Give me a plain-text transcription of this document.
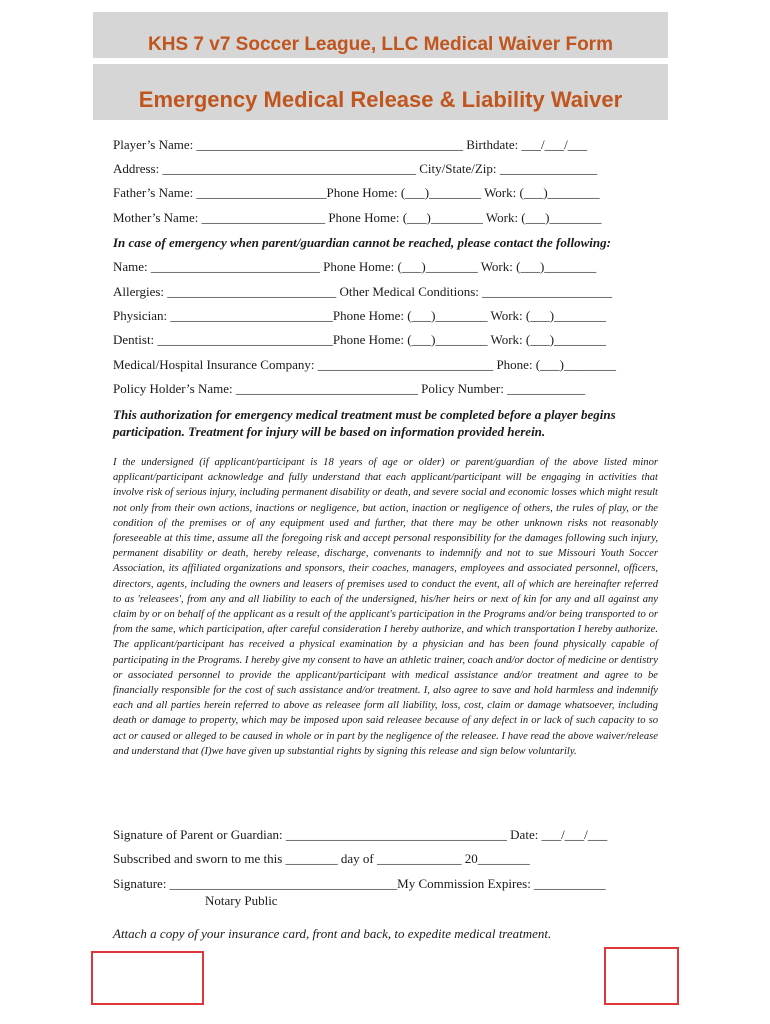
KHS 7 v7 Soccer League, LLC Medical Waiver Form
Emergency Medical Release & Liability Waiver
Player’s Name: _________________________________________ Birthdate: ___/___/___
Address: _______________________________________ City/State/Zip: _______________
Father’s Name: ____________________Phone Home: (___)________ Work: (___)________
Mother’s Name: ___________________ Phone Home: (___)________ Work: (___)________
In case of emergency when parent/guardian cannot be reached, please contact the following:
Name: __________________________ Phone Home: (___)________ Work: (___)________
Allergies: __________________________ Other Medical Conditions: ____________________
Physician: _________________________Phone Home: (___)________ Work: (___)________
Dentist: ___________________________Phone Home: (___)________ Work: (___)________
Medical/Hospital Insurance Company: ___________________________ Phone: (___)________
Policy Holder’s Name: ____________________________ Policy Number: ____________
This authorization for emergency medical treatment must be completed before a player begins participation. Treatment for injury will be based on information provided herein.
I the undersigned (if applicant/participant is 18 years of age or older) or parent/guardian of the above listed minor applicant/participant acknowledge and fully understand that each applicant/participant will be engaging in activities that involve risk of serious injury, including permanent disability or death, and severe social and economic losses which might result not only from their own actions, inactions or negligence, but action, inaction or negligence of others, the rules of play, or the condition of the premises or of any equipment used and further, that there may be other unknown risks not reasonably foreseeable at this time, assume all the foregoing risk and accept personal responsibility for the damages following such injury, permanent disability or death, hereby release, discharge, convenants to indemnify and not to sue Missouri Youth Soccer Association, its affiliated organizations and sponsors, their coaches, managers, employees and associated personnel, officers, directors, agents, including the owners and leasers of premises used to conduct the event, all of which are hereinafter referred to as 'releasees', from any and all liability to each of the undersigned, his/her heirs or next of kin for any and all against any claim by or on behalf of the applicant as a result of the applicant's participation in the Programs and/or being transported to or from the same, which participation, after careful consideration I hereby authorize, and which transportation I hereby authorize. The applicant/participant has received a physical examination by a physician and has been found physically capable of participating in the Programs. I hereby give my consent to have an athletic trainer, coach and/or doctor of medicine or dentistry or associated personnel to provide the applicant/participant with medical assistance and/or treatment and agree to be financially responsible for the cost of such assistance and/or treatment. I, also agree to save and hold harmless and indemnify each and all parties herein referred to above as releasee form all liability, loss, cost, claim or damage whatsoever, including death or damage to property, which may be imposed upon said releasee because of any defect in or lack of such capacity to so act or caused or alleged to be caused in whole or in part by the negligence of the releasee. I have read the above waiver/release and understand that (I)we have given up substantial rights by signing this release and sign below voluntarily.
Signature of Parent or Guardian: __________________________________ Date: ___/___/___
Subscribed and sworn to me this ________ day of _____________ 20________
Signature: ___________________________________My Commission Expires: ___________
Notary Public
Attach a copy of your insurance card, front and back, to expedite medical treatment.
